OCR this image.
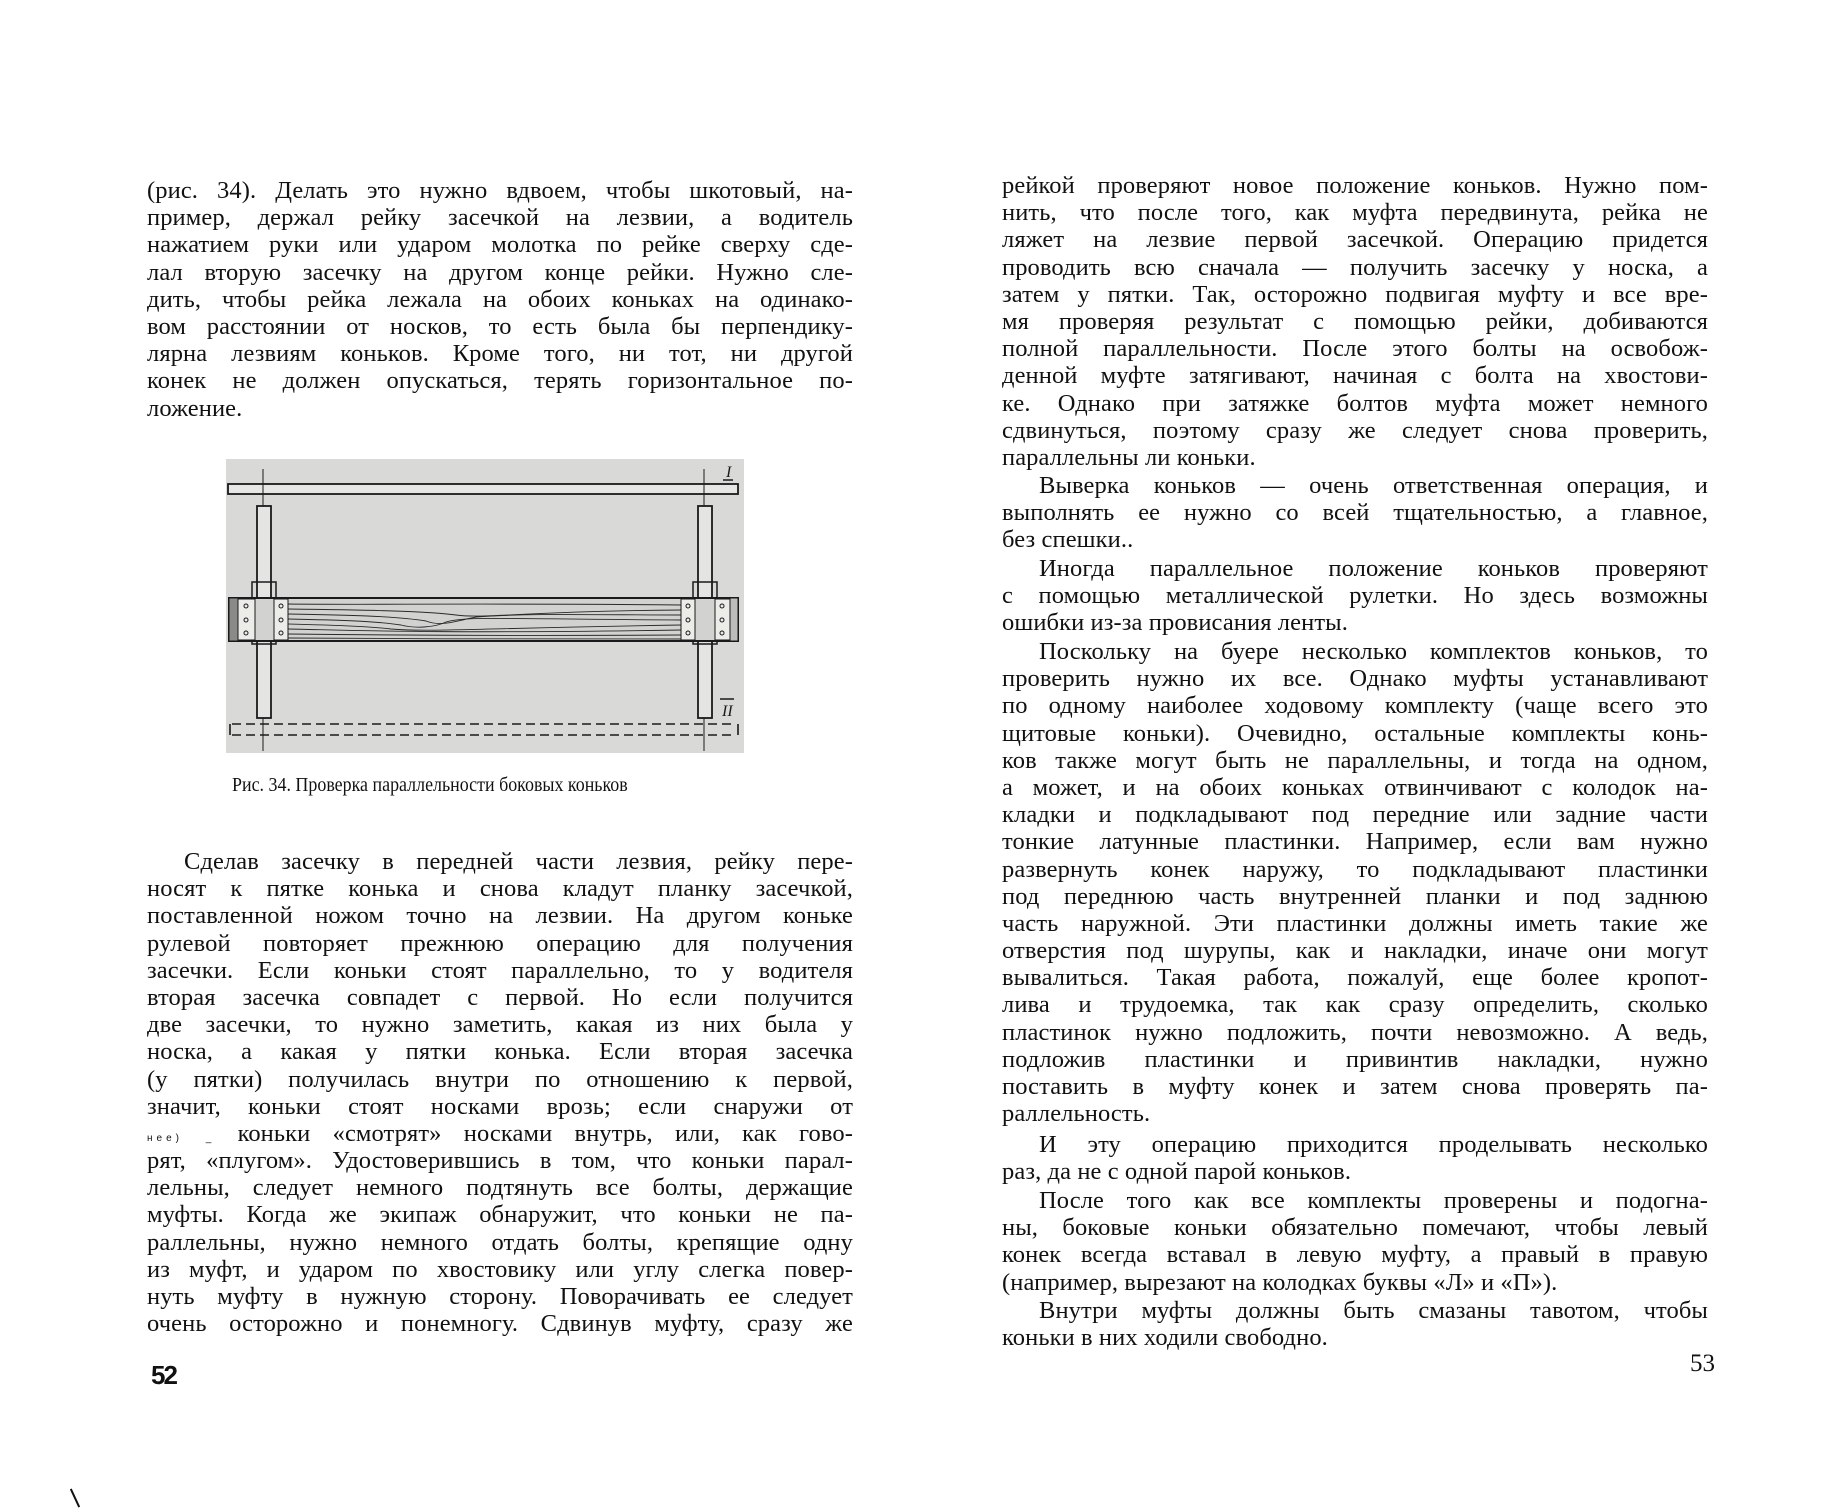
(рис. 34). Делать это нужно вдвоем, чтобы шкотовый, на-
пример, держал рейку засечкой на лезвии, а водитель
нажатием руки или ударом молотка по рейке сверху сде-
лал вторую засечку на другом конце рейки. Нужно сле-
дить, чтобы рейка лежала на обоих коньках на одинако-
вом расстоянии от носков, то есть была бы перпендику-
лярна лезвиям коньков. Кроме того, ни тот, ни другой
конек не должен опускаться, терять горизонтальное по-
ложение.
I
II
Рис. 34. Проверка параллельности боковых коньков
Сделав засечку в передней части лезвия, рейку пере-
носят к пятке конька и снова кладут планку засечкой,
поставленной ножом точно на лезвии. На другом коньке
рулевой повторяет прежнюю операцию для получения
засечки. Если коньки стоят параллельно, то у водителя
вторая засечка совпадет с первой. Но если получится
две засечки, то нужно заметить, какая из них была у
носка, а какая у пятки конька. Если вторая засечка
(у пятки) получилась внутри по отношению к первой,
значит, коньки стоят носками врозь; если снаружи от
нее) _ коньки «смотрят» носками внутрь, или, как гово-
рят, «плугом». Удостоверившись в том, что коньки парал-
лельны, следует немного подтянуть все болты, держащие
муфты. Когда же экипаж обнаружит, что коньки не па-
раллельны, нужно немного отдать болты, крепящие одну
из муфт, и ударом по хвостовику или углу слегка повер-
нуть муфту в нужную сторону. Поворачивать ее следует
очень осторожно и понемногу. Сдвинув муфту, сразу же
52
рейкой проверяют новое положение коньков. Нужно пом-
нить, что после того, как муфта передвинута, рейка не
ляжет на лезвие первой засечкой. Операцию придется
проводить всю сначала — получить засечку у носка, а
затем у пятки. Так, осторожно подвигая муфту и все вре-
мя проверяя результат с помощью рейки, добиваются
полной параллельности. После этого болты на освобож-
денной муфте затягивают, начиная с болта на хвостови-
ке. Однако при затяжке болтов муфта может немного
сдвинуться, поэтому сразу же следует снова проверить,
параллельны ли коньки.
Выверка коньков — очень ответственная операция, и
выполнять ее нужно со всей тщательностью, а главное,
без спешки..
Иногда параллельное положение коньков проверяют
с помощью металлической рулетки. Но здесь возможны
ошибки из-за провисания ленты.
Поскольку на буере несколько комплектов коньков, то
проверить нужно их все. Однако муфты устанавливают
по одному наиболее ходовому комплекту (чаще всего это
щитовые коньки). Очевидно, остальные комплекты конь-
ков также могут быть не параллельны, и тогда на одном,
а может, и на обоих коньках отвинчивают с колодок на-
кладки и подкладывают под передние или задние части
тонкие латунные пластинки. Например, если вам нужно
развернуть конек наружу, то подкладывают пластинки
под переднюю часть внутренней планки и под заднюю
часть наружной. Эти пластинки должны иметь такие же
отверстия под шурупы, как и накладки, иначе они могут
вывалиться. Такая работа, пожалуй, еще более кропот-
лива и трудоемка, так как сразу определить, сколько
пластинок нужно подложить, почти невозможно. А ведь,
подложив пластинки и привинтив накладки, нужно
поставить в муфту конек и затем снова проверять па-
раллельность.
И эту операцию приходится проделывать несколько
раз, да не с одной парой коньков.
После того как все комплекты проверены и подогна-
ны, боковые коньки обязательно помечают, чтобы левый
конек всегда вставал в левую муфту, а правый в правую
(например, вырезают на колодках буквы «Л» и «П»).
Внутри муфты должны быть смазаны тавотом, чтобы
коньки в них ходили свободно.
53
